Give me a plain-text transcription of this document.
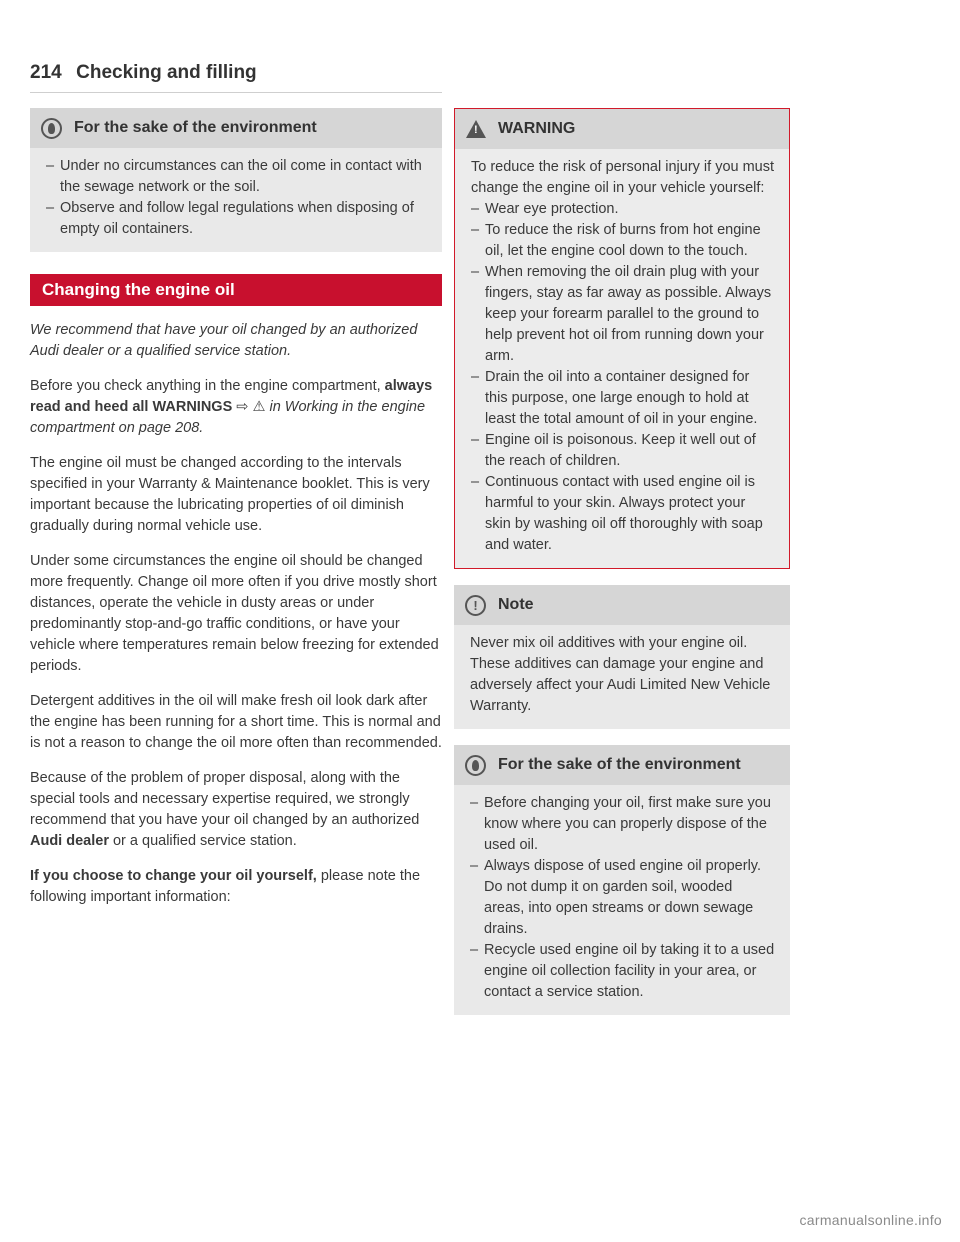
214 Checking and filling
For the sake of the environment
– Under no circumstances can the oil come in contact with the sewage network or the soil.
– Observe and follow legal regulations when disposing of empty oil containers.
Changing the engine oil

We recommend that have your oil changed by an authorized Audi dealer or a qualified service station.

Before you check anything in the engine compartment, always read and heed all WARNINGS ⇨ ⚠ in Working in the engine compartment on page 208.

The engine oil must be changed according to the intervals specified in your Warranty & Maintenance booklet. This is very important because the lubricating properties of oil diminish gradually during normal vehicle use.

Under some circumstances the engine oil should be changed more frequently. Change oil more often if you drive mostly short distances, operate the vehicle in dusty areas or under predominantly stop-and-go traffic conditions, or have your vehicle where temperatures remain below freezing for extended periods.

Detergent additives in the oil will make fresh oil look dark after the engine has been running for a short time. This is normal and is not a reason to change the oil more often than recommended.

Because of the problem of proper disposal, along with the special tools and necessary expertise required, we strongly recommend that you have your oil changed by an authorized Audi dealer or a qualified service station.

If you choose to change your oil yourself, please note the following important information:

!
WARNING
To reduce the risk of personal injury if you must change the engine oil in your vehicle yourself:
– Wear eye protection.
– To reduce the risk of burns from hot engine oil, let the engine cool down to the touch.
– When removing the oil drain plug with your fingers, stay as far away as possible. Always keep your forearm parallel to the ground to help prevent hot oil from running down your arm.
– Drain the oil into a container designed for this purpose, one large enough to hold at least the total amount of oil in your engine.
– Engine oil is poisonous. Keep it well out of the reach of children.
– Continuous contact with used engine oil is harmful to your skin. Always protect your skin by washing oil off thoroughly with soap and water.
!	Note
Never mix oil additives with your engine oil. These additives can damage your engine and adversely affect your Audi Limited New Vehicle Warranty.
For the sake of the environment
– Before changing your oil, first make sure you know where you can properly dispose of the used oil.
– Always dispose of used engine oil properly. Do not dump it on garden soil, wooded areas, into open streams or down sewage drains.
– Recycle used engine oil by taking it to a used engine oil collection facility in your area, or contact a service station.
carmanualsonline.info
